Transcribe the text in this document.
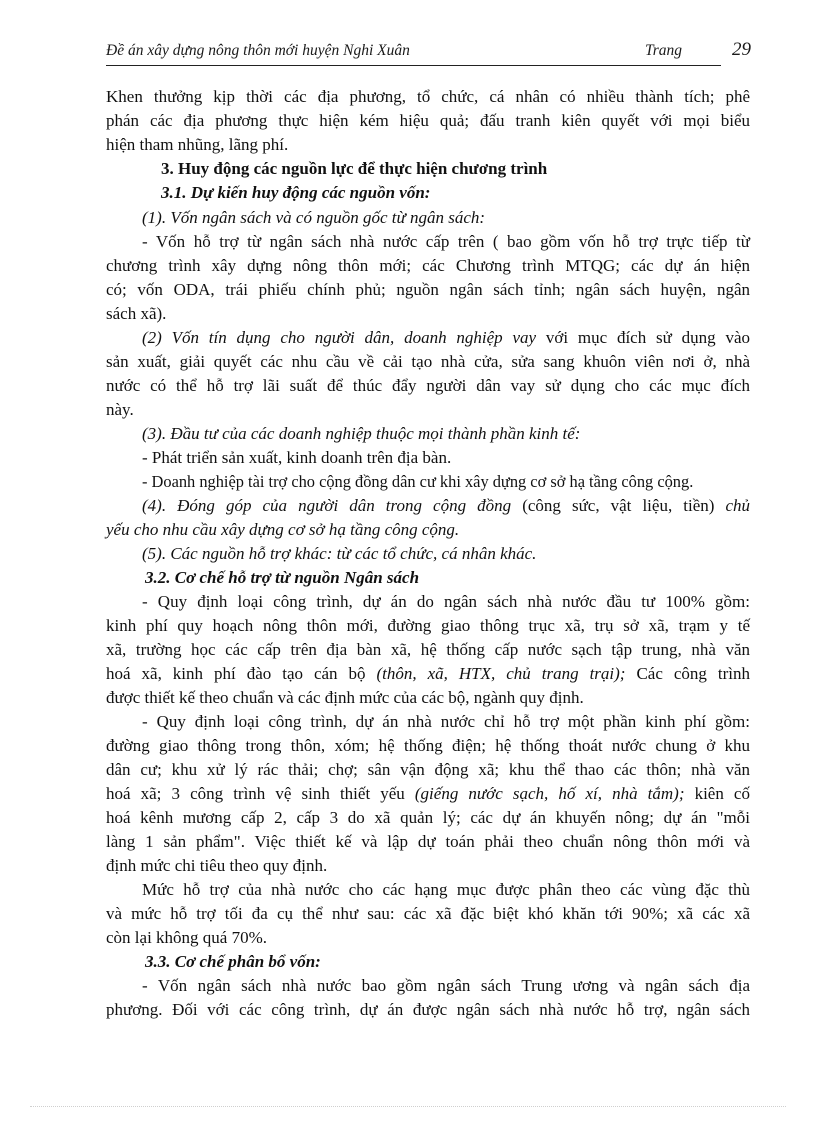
Đề án xây dựng nông thôn mới huyện Nghi Xuân	Trang	29
Khen thưởng kịp thời các địa phương, tổ chức, cá nhân có nhiều thành tích; phê
phán các địa phương thực hiện kém hiệu quả; đấu tranh kiên quyết với mọi biểu
hiện tham nhũng, lãng phí.
3. Huy động các nguồn lực để thực hiện chương trình
3.1. Dự kiến huy động các nguồn vốn:
(1). Vốn ngân sách và có nguồn gốc từ ngân sách:
- Vốn hỗ trợ từ ngân sách nhà nước cấp trên ( bao gồm vốn hỗ trợ trực tiếp từ
chương trình xây dựng nông thôn mới; các Chương trình MTQG; các dự án hiện
có; vốn ODA, trái phiếu chính phủ; nguồn ngân sách tỉnh; ngân sách huyện, ngân
sách xã).
(2) Vốn tín dụng cho người dân, doanh nghiệp vay với mục đích sử dụng vào
sản xuất, giải quyết các nhu cầu về cải tạo nhà cửa, sửa sang khuôn viên nơi ở, nhà
nước có thể hỗ trợ lãi suất để thúc đẩy người dân vay sử dụng cho các mục đích
này.
(3). Đầu tư của các doanh nghiệp thuộc mọi thành phần kinh tế:
- Phát triển sản xuất, kinh doanh trên địa bàn.
- Doanh nghiệp tài trợ cho cộng đồng dân cư khi xây dựng cơ sở hạ tầng công cộng.
(4). Đóng góp của người dân trong cộng đồng (công sức, vật liệu, tiền) chủ
yếu cho nhu cầu xây dựng cơ sở hạ tầng công cộng.
(5). Các nguồn hỗ trợ khác: từ các tổ chức, cá nhân khác.
3.2. Cơ chế hỗ trợ từ nguồn Ngân sách
- Quy định loại công trình, dự án do ngân sách nhà nước đầu tư 100% gồm:
kinh phí quy hoạch nông thôn mới, đường giao thông trục xã, trụ sở xã, trạm y tế
xã, trường học các cấp trên địa bàn xã, hệ thống cấp nước sạch tập trung, nhà văn
hoá xã, kinh phí đào tạo cán bộ (thôn, xã, HTX, chủ trang trại); Các công trình
được thiết kế theo chuẩn và các định mức của các bộ, ngành quy định.
- Quy định loại công trình, dự án nhà nước chỉ hỗ trợ một phần kinh phí gồm:
đường giao thông trong thôn, xóm; hệ thống điện; hệ thống thoát nước chung ở khu
dân cư; khu xử lý rác thải; chợ; sân vận động xã; khu thể thao các thôn; nhà văn
hoá xã; 3 công trình vệ sinh thiết yếu (giếng nước sạch, hố xí, nhà tắm); kiên cố
hoá kênh mương cấp 2, cấp 3 do xã quản lý; các dự án khuyến nông; dự án "mỗi
làng 1 sản phẩm". Việc thiết kế và lập dự toán phải theo chuẩn nông thôn mới và
định mức chi tiêu theo quy định.
Mức hỗ trợ của nhà nước cho các hạng mục được phân theo các vùng đặc thù
và mức hỗ trợ tối đa cụ thể như sau: các xã đặc biệt khó khăn tới 90%; xã các xã
còn lại không quá 70%.
3.3. Cơ chế phân bổ vốn:
- Vốn ngân sách nhà nước bao gồm ngân sách Trung ương và ngân sách địa
phương. Đối với các công trình, dự án được ngân sách nhà nước hỗ trợ, ngân sách
